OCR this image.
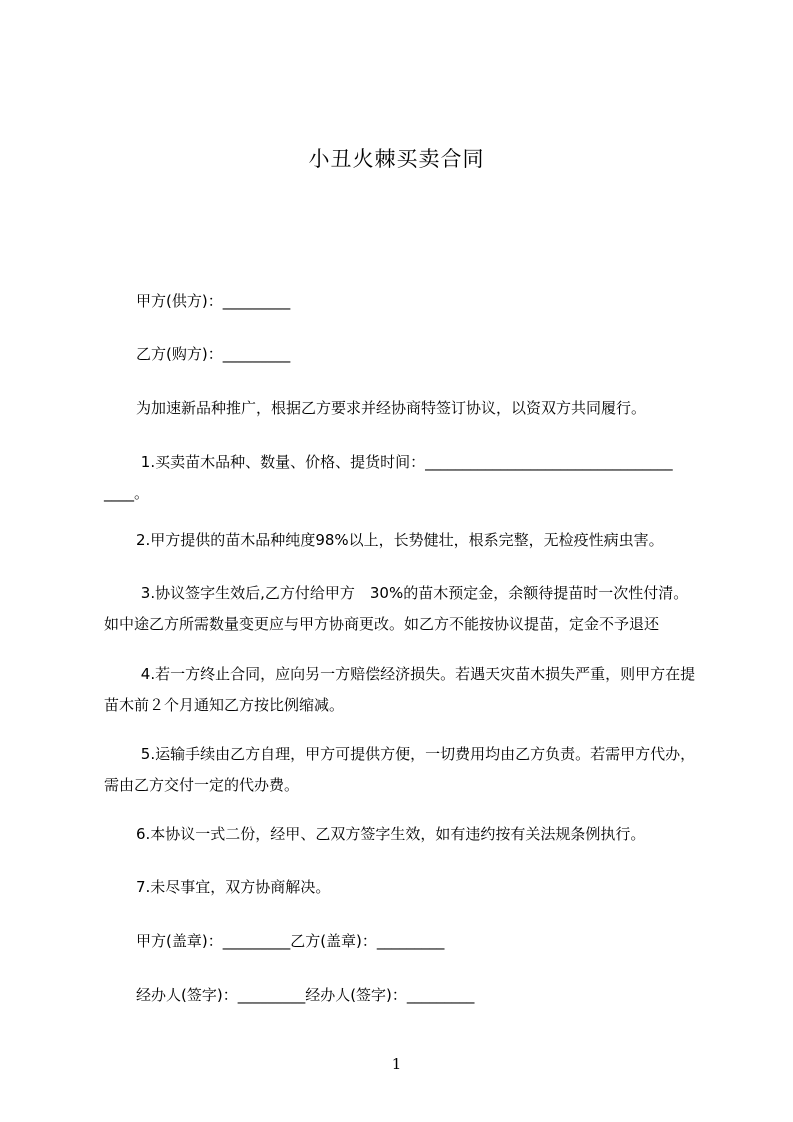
小丑火棘买卖合同
甲方(供方)：_________
乙方(购方)：_________
为加速新品种推广，根据乙方要求并经协商特签订协议，以资双方共同履行。
1.买卖苗木品种、数量、价格、提货时间：_________________________________
____。
2.甲方提供的苗木品种纯度98%以上，长势健壮，根系完整，无检疫性病虫害。
3.协议签字生效后,乙方付给甲方　30%的苗木预定金，余额待提苗时一次性付清。如中途乙方所需数量变更应与甲方协商更改。如乙方不能按协议提苗，定金不予退还
4.若一方终止合同，应向另一方赔偿经济损失。若遇天灾苗木损失严重，则甲方在提苗木前２个月通知乙方按比例缩减。
5.运输手续由乙方自理，甲方可提供方便，一切费用均由乙方负责。若需甲方代办，需由乙方交付一定的代办费。
6.本协议一式二份，经甲、乙双方签字生效，如有违约按有关法规条例执行。
7.未尽事宜，双方协商解决。
甲方(盖章)：_________乙方(盖章)：_________
经办人(签字)：_________经办人(签字)：_________
1
